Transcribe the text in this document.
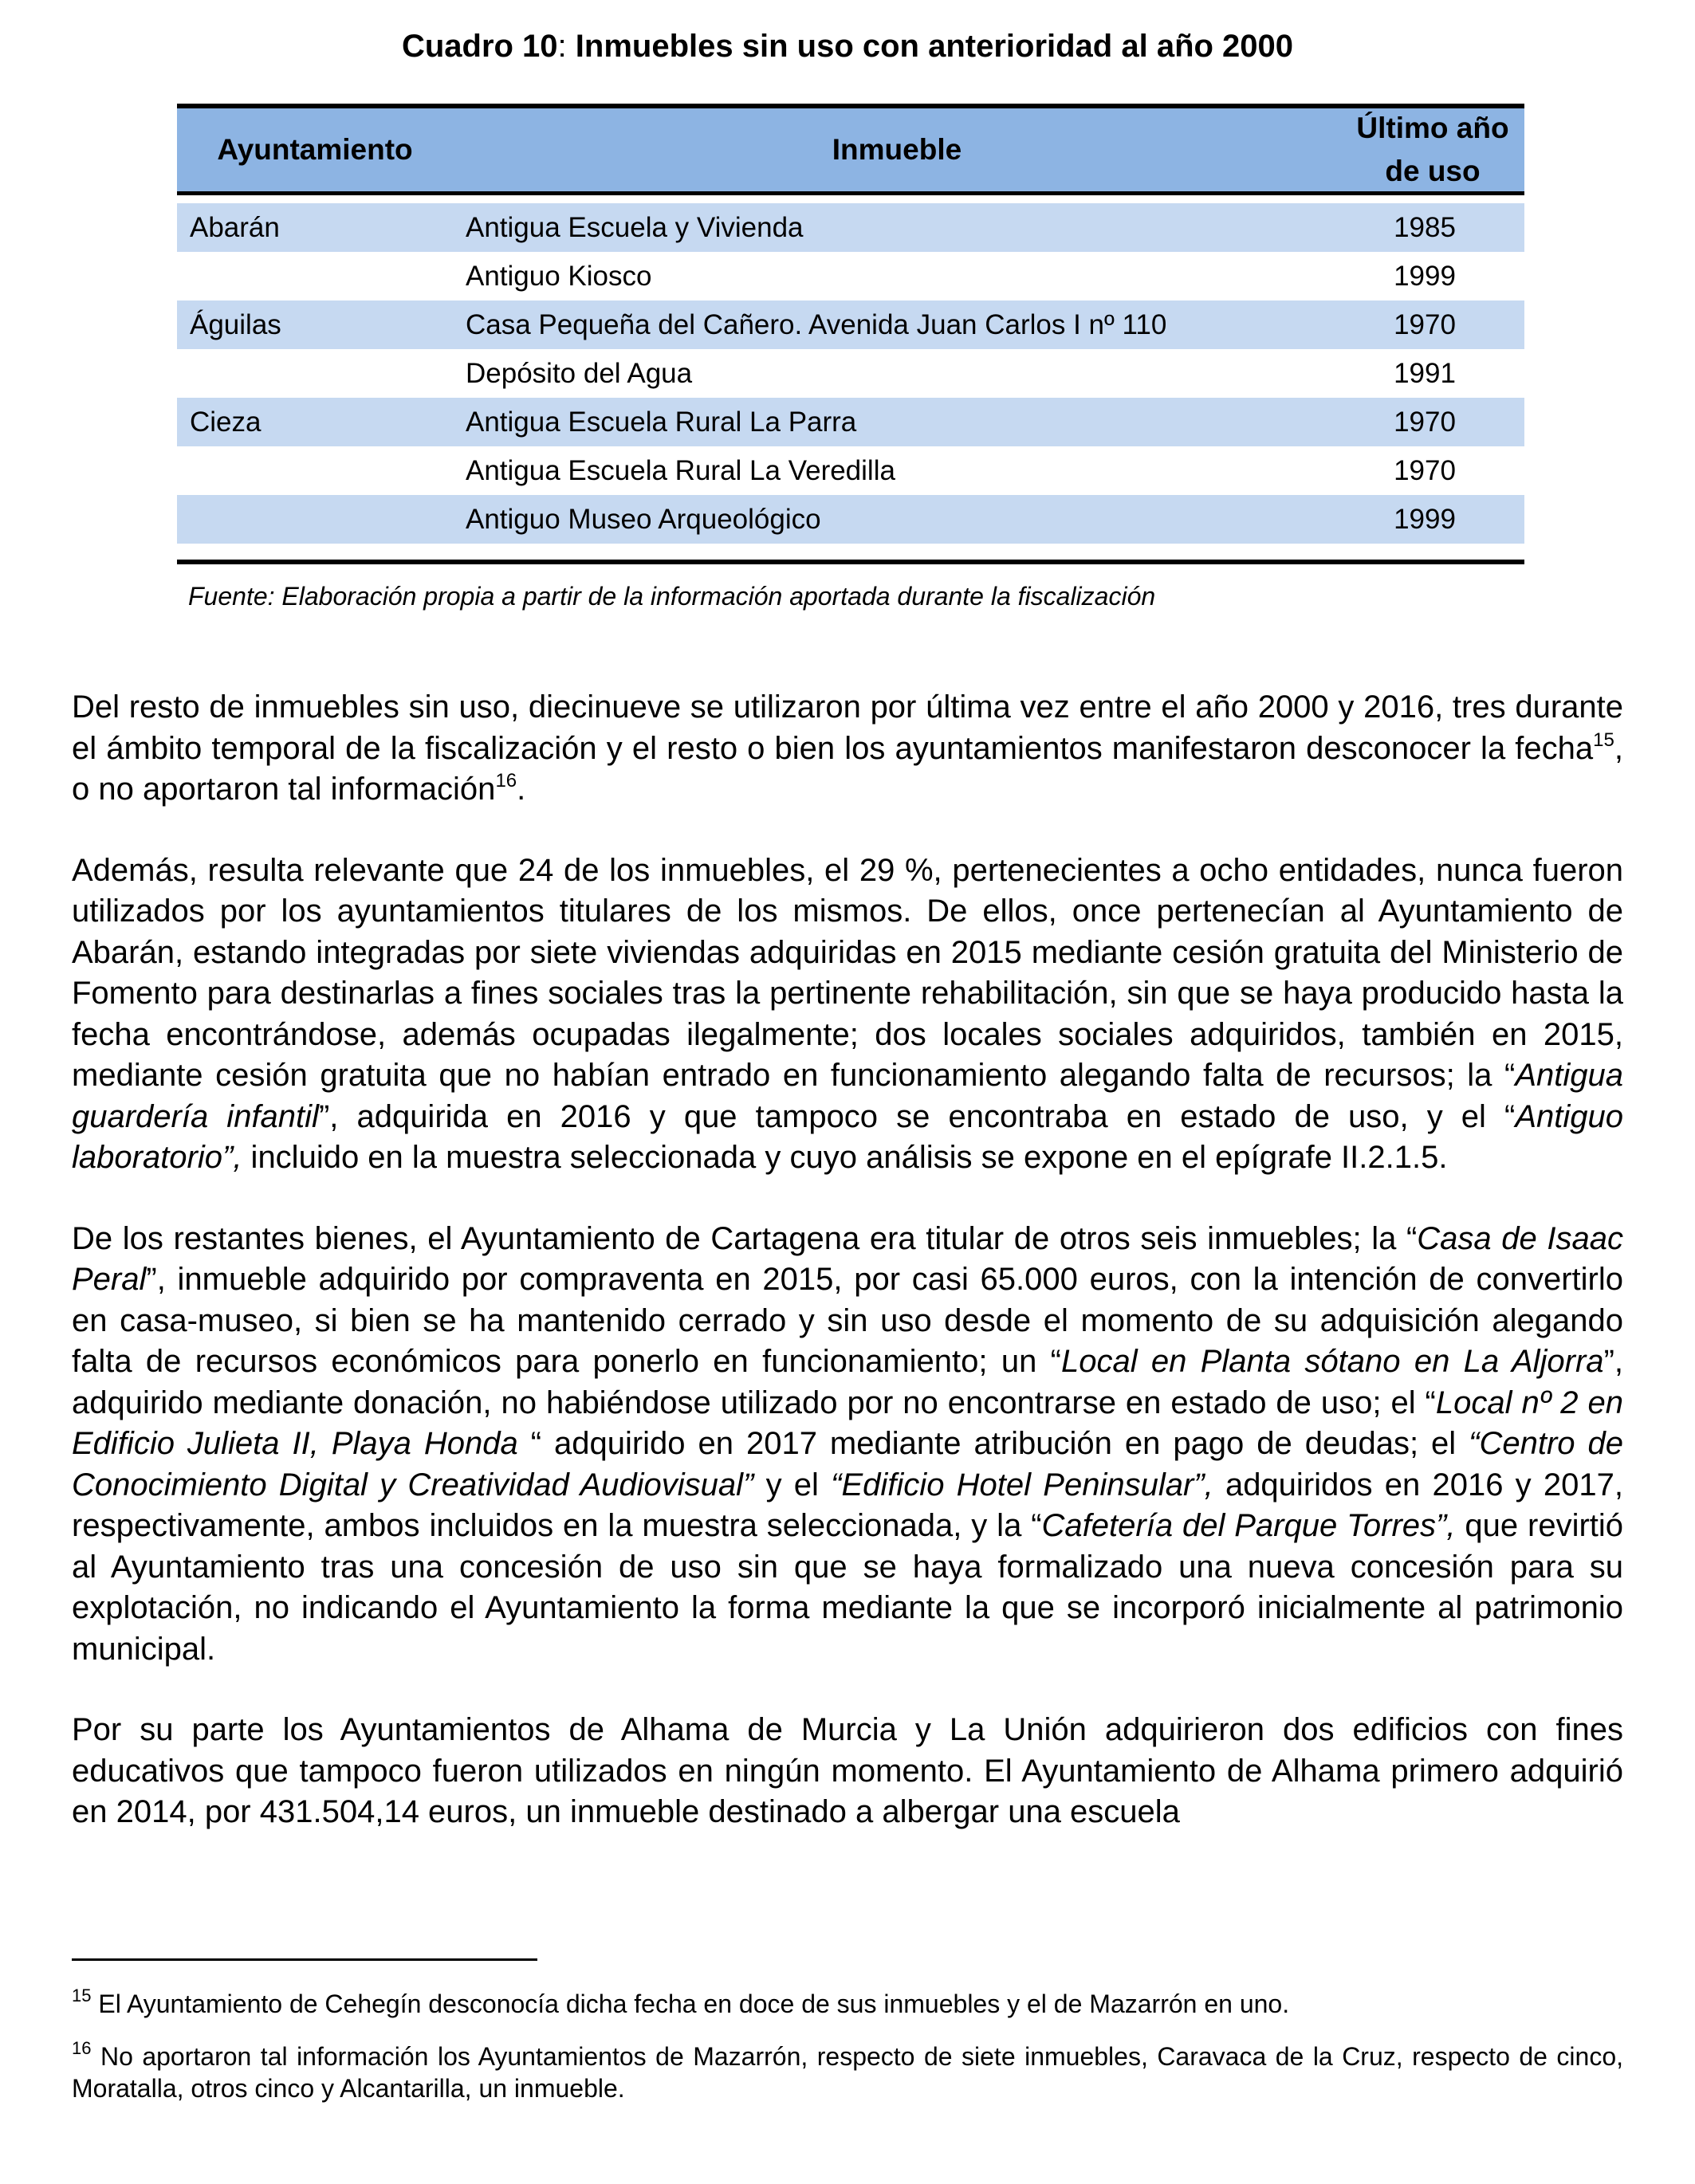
Cuadro 10: Inmuebles sin uso con anterioridad al año 2000
Ayuntamiento	Inmueble
Último año
de uso
Abarán	Antigua Escuela y Vivienda	1985
Antiguo Kiosco	1999
Águilas	Casa Pequeña del Cañero. Avenida Juan Carlos I nº 110	1970
Depósito del Agua	1991
Cieza	Antigua Escuela Rural La Parra	1970
Antigua Escuela Rural La Veredilla	1970
Antiguo Museo Arqueológico	1999
Fuente: Elaboración propia a partir de la información aportada durante la fiscalización

Del resto de inmuebles sin uso, diecinueve se utilizaron por última vez entre el año 2000 y 2016, tres durante el ámbito temporal de la fiscalización y el resto o bien los ayuntamientos manifestaron desconocer la fecha$^{15}$, o no aportaron tal información$^{16}$.

Además, resulta relevante que 24 de los inmuebles, el 29 %, pertenecientes a ocho entidades, nunca fueron utilizados por los ayuntamientos titulares de los mismos. De ellos, once pertenecían al Ayuntamiento de Abarán, estando integradas por siete viviendas adquiridas en 2015 mediante cesión gratuita del Ministerio de Fomento para destinarlas a fines sociales tras la pertinente rehabilitación, sin que se haya producido hasta la fecha encontrándose, además ocupadas ilegalmente; dos locales sociales adquiridos, también en 2015, mediante cesión gratuita que no habían entrado en funcionamiento alegando falta de recursos; la “Antigua guardería infantil”, adquirida en 2016 y que tampoco se encontraba en estado de uso, y el “Antiguo laboratorio”, incluido en la muestra seleccionada y cuyo análisis se expone en el epígrafe II.2.1.5.

De los restantes bienes, el Ayuntamiento de Cartagena era titular de otros seis inmuebles; la “Casa de Isaac Peral”, inmueble adquirido por compraventa en 2015, por casi 65.000 euros, con la intención de convertirlo en casa-museo, si bien se ha mantenido cerrado y sin uso desde el momento de su adquisición alegando falta de recursos económicos para ponerlo en funcionamiento; un “Local en Planta sótano en La Aljorra”, adquirido mediante donación, no habiéndose utilizado por no encontrarse en estado de uso; el “Local nº 2 en Edificio Julieta II, Playa Honda “ adquirido en 2017 mediante atribución en pago de deudas; el “Centro de Conocimiento Digital y Creatividad Audiovisual” y el “Edificio Hotel Peninsular”, adquiridos en 2016 y 2017, respectivamente, ambos incluidos en la muestra seleccionada, y la “Cafetería del Parque Torres”, que revirtió al Ayuntamiento tras una concesión de uso sin que se haya formalizado una nueva concesión para su explotación, no indicando el Ayuntamiento la forma mediante la que se incorporó inicialmente al patrimonio municipal.

Por su parte los Ayuntamientos de Alhama de Murcia y La Unión adquirieron dos edificios con fines educativos que tampoco fueron utilizados en ningún momento. El Ayuntamiento de Alhama primero adquirió en 2014, por 431.504,14 euros, un inmueble destinado a albergar una escuela

$^{15}$ El Ayuntamiento de Cehegín desconocía dicha fecha en doce de sus inmuebles y el de Mazarrón en uno.

$^{16}$ No aportaron tal información los Ayuntamientos de Mazarrón, respecto de siete inmuebles, Caravaca de la Cruz, respecto de cinco, Moratalla, otros cinco y Alcantarilla, un inmueble.
